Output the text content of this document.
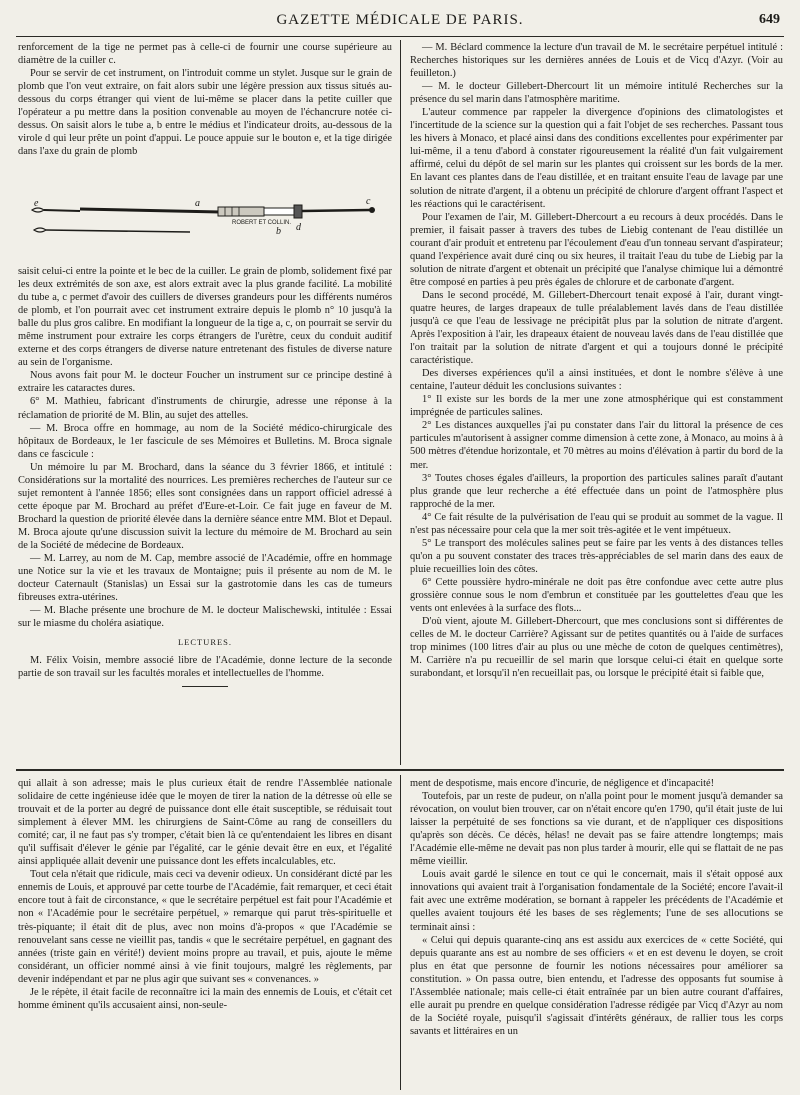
GAZETTE MÉDICALE DE PARIS.	649

renforcement de la tige ne permet pas à celle-ci de fournir une course supérieure au diamètre de la cuiller c.

Pour se servir de cet instrument, on l'introduit comme un stylet. Jusque sur le grain de plomb que l'on veut extraire, on fait alors subir une légère pression aux tissus situés au-dessous du corps étranger qui vient de lui-même se placer dans la petite cuiller que l'opérateur a pu mettre dans la position convenable au moyen de l'échancrure notée ci-dessus. On saisit alors le tube a, b entre le médius et l'indicateur droits, au-dessous de la virole d qui leur prête un point d'appui. Le pouce appuie sur le bouton e, et la tige dirigée dans l'axe du grain de plomb

a
b
c
d
e
ROBERT ET COLLIN.

saisit celui-ci entre la pointe et le bec de la cuiller. Le grain de plomb, solidement fixé par les deux extrémités de son axe, est alors extrait avec la plus grande facilité. La mobilité du tube a, c permet d'avoir des cuillers de diverses grandeurs pour les différents numéros de plomb, et l'on pourrait avec cet instrument extraire depuis le plomb n° 10 jusqu'à la balle du plus gros calibre. En modifiant la longueur de la tige a, c, on pourrait se servir du même instrument pour extraire les corps étrangers de l'urètre, ceux du conduit auditif externe et des corps étrangers de diverse nature entretenant des fistules de diverse nature au sein de l'organisme.

Nous avons fait pour M. le docteur Foucher un instrument sur ce principe destiné à extraire les cataractes dures.

6° M. Mathieu, fabricant d'instruments de chirurgie, adresse une réponse à la réclamation de priorité de M. Blin, au sujet des attelles.

— M. Broca offre en hommage, au nom de la Société médico-chirurgicale des hôpitaux de Bordeaux, le 1er fascicule de ses Mémoires et Bulletins. M. Broca signale dans ce fascicule :

Un mémoire lu par M. Brochard, dans la séance du 3 février 1866, et intitulé : Considérations sur la mortalité des nourrices. Les premières recherches de l'auteur sur ce sujet remontent à l'année 1856; elles sont consignées dans un rapport officiel adressé à cette époque par M. Brochard au préfet d'Eure-et-Loir. Ce fait juge en faveur de M. Brochard la question de priorité élevée dans la dernière séance entre MM. Blot et Depaul. M. Broca ajoute qu'une discussion suivit la lecture du mémoire de M. Brochard au sein de la Société de médecine de Bordeaux.

— M. Larrey, au nom de M. Cap, membre associé de l'Académie, offre en hommage une Notice sur la vie et les travaux de Montaigne; puis il présente au nom de M. le docteur Caternault (Stanislas) un Essai sur la gastrotomie dans les cas de tumeurs fibreuses extra-utérines.

— M. Blache présente une brochure de M. le docteur Malischewski, intitulée : Essai sur le miasme du choléra asiatique.

LECTURES.

M. Félix Voisin, membre associé libre de l'Académie, donne lecture de la seconde partie de son travail sur les facultés morales et intellectuelles de l'homme.

— M. Béclard commence la lecture d'un travail de M. le secrétaire perpétuel intitulé : Recherches historiques sur les dernières années de Louis et de Vicq d'Azyr. (Voir au feuilleton.)

— M. le docteur Gillebert-Dhercourt lit un mémoire intitulé Recherches sur la présence du sel marin dans l'atmosphère maritime.

L'auteur commence par rappeler la divergence d'opinions des climatologistes et l'incertitude de la science sur la question qui a fait l'objet de ses recherches. Passant tous les hivers à Monaco, et placé ainsi dans des conditions excellentes pour expérimenter par lui-même, il a tenu d'abord à constater rigoureusement la réalité d'un fait vulgairement affirmé, celui du dépôt de sel marin sur les plantes qui croissent sur les bords de la mer. En lavant ces plantes dans de l'eau distillée, et en traitant ensuite l'eau de lavage par une solution de nitrate d'argent, il a obtenu un précipité de chlorure d'argent offrant l'aspect et les réactions qui le caractérisent.

Pour l'examen de l'air, M. Gillebert-Dhercourt a eu recours à deux procédés. Dans le premier, il faisait passer à travers des tubes de Liebig contenant de l'eau distillée un courant d'air produit et entretenu par l'écoulement d'eau d'un tonneau servant d'aspirateur; quand l'expérience avait duré cinq ou six heures, il traitait l'eau du tube de Liebig par la solution de nitrate d'argent et obtenait un précipité que l'analyse chimique lui a démontré être composé en parties à peu près égales de chlorure et de carbonate d'argent.

Dans le second procédé, M. Gillebert-Dhercourt tenait exposé à l'air, durant vingt-quatre heures, de larges drapeaux de tulle préalablement lavés dans de l'eau distillée jusqu'à ce que l'eau de lessivage ne précipitât plus par la solution de nitrate d'argent. Après l'exposition à l'air, les drapeaux étaient de nouveau lavés dans de l'eau distillée que l'on traitait par la solution de nitrate d'argent et qui a toujours donné le précipité caractéristique.

Des diverses expériences qu'il a ainsi instituées, et dont le nombre s'élève à une centaine, l'auteur déduit les conclusions suivantes :

1° Il existe sur les bords de la mer une zone atmosphérique qui est constamment imprégnée de particules salines.

2° Les distances auxquelles j'ai pu constater dans l'air du littoral la présence de ces particules m'autorisent à assigner comme dimension à cette zone, à Monaco, au moins à à 500 mètres d'étendue horizontale, et 70 mètres au moins d'élévation à partir du bord de la mer.

3° Toutes choses égales d'ailleurs, la proportion des particules salines paraît d'autant plus grande que leur recherche a été effectuée dans un point de l'atmosphère plus rapproché de la mer.

4° Ce fait résulte de la pulvérisation de l'eau qui se produit au sommet de la vague. Il n'est pas nécessaire pour cela que la mer soit très-agitée et le vent impétueux.

5° Le transport des molécules salines peut se faire par les vents à des distances telles qu'on a pu souvent constater des traces très-appréciables de sel marin dans des eaux de pluie recueillies loin des côtes.

6° Cette poussière hydro-minérale ne doit pas être confondue avec cette autre plus grossière connue sous le nom d'embrun et constituée par les gouttelettes d'eau que les vents ont enlevées à la surface des flots...

D'où vient, ajoute M. Gillebert-Dhercourt, que mes conclusions sont si différentes de celles de M. le docteur Carrière? Agissant sur de petites quantités ou à l'aide de surfaces trop minimes (100 litres d'air au plus ou une mèche de coton de quelques centimètres), M. Carrière n'a pu recueillir de sel marin que lorsque celui-ci était en quelque sorte surabondant, et lorsqu'il n'en recueillait pas, ou lorsque le précipité était si faible que,

qui allait à son adresse; mais le plus curieux était de rendre l'Assemblée nationale solidaire de cette ingénieuse idée que le moyen de tirer la nation de la détresse où elle se trouvait et de la porter au degré de puissance dont elle était susceptible, se réduisait tout simplement à élever MM. les chirurgiens de Saint-Côme au rang de conseillers du comité; car, il ne faut pas s'y tromper, c'était bien là ce qu'entendaient les libres en disant qu'il suffisait d'élever le génie par l'égalité, car le génie devait être en eux, et l'égalité ainsi appliquée allait devenir une puissance dont les effets incalculables, etc.

Tout cela n'était que ridicule, mais ceci va devenir odieux. Un considérant dicté par les ennemis de Louis, et approuvé par cette tourbe de l'Académie, fait remarquer, et ceci était encore tout à fait de circonstance, « que le secrétaire perpétuel est fait pour l'Académie et non « l'Académie pour le secrétaire perpétuel, » remarque qui parut très-spirituelle et très-piquante; il était dit de plus, avec non moins d'à-propos « que l'Académie se renouvelant sans cesse ne vieillit pas, tandis « que le secrétaire perpétuel, en gagnant des années (triste gain en vérité!) devient moins propre au travail, et puis, ajoute le même considérant, un officier nommé ainsi à vie finit toujours, malgré les règlements, par devenir indépendant et par ne plus agir que suivant ses « convenances. »

Je le répète, il était facile de reconnaître ici la main des ennemis de Louis, et c'était cet homme éminent qu'ils accusaient ainsi, non-seule-

ment de despotisme, mais encore d'incurie, de négligence et d'incapacité!

Toutefois, par un reste de pudeur, on n'alla point pour le moment jusqu'à demander sa révocation, on voulut bien trouver, car on n'était encore qu'en 1790, qu'il était juste de lui laisser la perpétuité de ses fonctions sa vie durant, et de n'appliquer ces dispositions qu'après son décès. Ce décès, hélas! ne devait pas se faire attendre longtemps; mais l'Académie elle-même ne devait pas non plus tarder à mourir, elle qui se flattait de ne pas même vieillir.

Louis avait gardé le silence en tout ce qui le concernait, mais il s'était opposé aux innovations qui avaient trait à l'organisation fondamentale de la Société; encore l'avait-il fait avec une extrême modération, se bornant à rappeler les précédents de l'Académie et quelles avaient toujours été les bases de ses règlements; l'une de ses allocutions se terminait ainsi :

« Celui qui depuis quarante-cinq ans est assidu aux exercices de « cette Société, qui depuis quarante ans est au nombre de ses officiers « et en est devenu le doyen, se croit plus en état que personne de fournir les notions nécessaires pour améliorer sa constitution. » On passa outre, bien entendu, et l'adresse des opposants fut soumise à l'Assemblée nationale; mais celle-ci était entraînée par un bien autre courant d'affaires, elle aurait pu prendre en quelque considération l'adresse rédigée par Vicq d'Azyr au nom de la Société royale, puisqu'il s'agissait d'intérêts généraux, de rallier tous les corps savants et littéraires en un
